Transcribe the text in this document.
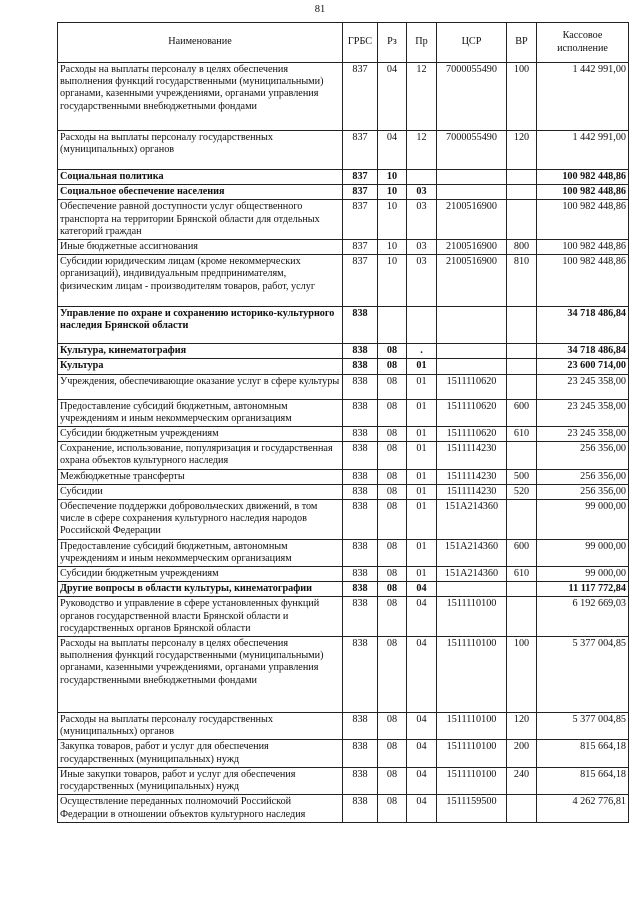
81
Наименование	ГРБС	Рз	Пр	ЦСР	ВР	Кассовое исполнение
Расходы на выплаты персоналу в целях обеспечения выполнения функций государственными (муниципальными) органами, казенными учреждениями, органами управления государственными внебюджетными фондами	837	04	12	7000055490	100	1 442 991,00
Расходы на выплаты персоналу государственных (муниципальных) органов	837	04	12	7000055490	120	1 442 991,00
Социальная политика	837	10				100 982 448,86
Социальное обеспечение населения	837	10	03			100 982 448,86
Обеспечение равной доступности услуг общественного транспорта на территории Брянской области для отдельных категорий граждан	837	10	03	2100516900		100 982 448,86
Иные бюджетные ассигнования	837	10	03	2100516900	800	100 982 448,86
Субсидии юридическим лицам (кроме некоммерческих организаций), индивидуальным предпринимателям, физическим лицам - производителям товаров, работ, услуг	837	10	03	2100516900	810	100 982 448,86
Управление по охране и сохранению историко-культурного наследия Брянской области	838					34 718 486,84
Культура, кинематография	838	08	.			34 718 486,84
Культура	838	08	01			23 600 714,00
Учреждения, обеспечивающие оказание услуг в сфере культуры	838	08	01	1511110620		23 245 358,00
Предоставление субсидий бюджетным, автономным учреждениям и иным некоммерческим организациям	838	08	01	1511110620	600	23 245 358,00
Субсидии бюджетным учреждениям	838	08	01	1511110620	610	23 245 358,00
Сохранение, использование, популяризация и государственная охрана объектов культурного наследия	838	08	01	1511114230		256 356,00
Межбюджетные трансферты	838	08	01	1511114230	500	256 356,00
Субсидии	838	08	01	1511114230	520	256 356,00
Обеспечение поддержки добровольческих движений, в том числе в сфере сохранения культурного наследия народов Российской Федерации	838	08	01	151A214360		99 000,00
Предоставление субсидий бюджетным, автономным учреждениям и иным некоммерческим организациям	838	08	01	151A214360	600	99 000,00
Субсидии бюджетным учреждениям	838	08	01	151A214360	610	99 000,00
Другие вопросы в области культуры, кинематографии	838	08	04			11 117 772,84
Руководство и управление в сфере установленных функций органов государственной власти Брянской области и государственных органов Брянской области	838	08	04	1511110100		6 192 669,03
Расходы на выплаты персоналу в целях обеспечения выполнения функций государственными (муниципальными) органами, казенными учреждениями, органами управления государственными внебюджетными фондами	838	08	04	1511110100	100	5 377 004,85
Расходы на выплаты персоналу государственных (муниципальных) органов	838	08	04	1511110100	120	5 377 004,85
Закупка товаров, работ и услуг для обеспечения государственных (муниципальных) нужд	838	08	04	1511110100	200	815 664,18
Иные закупки товаров, работ и услуг для обеспечения государственных (муниципальных) нужд	838	08	04	1511110100	240	815 664,18
Осуществление переданных полномочий Российской Федерации в отношении объектов культурного наследия	838	08	04	1511159500		4 262 776,81
